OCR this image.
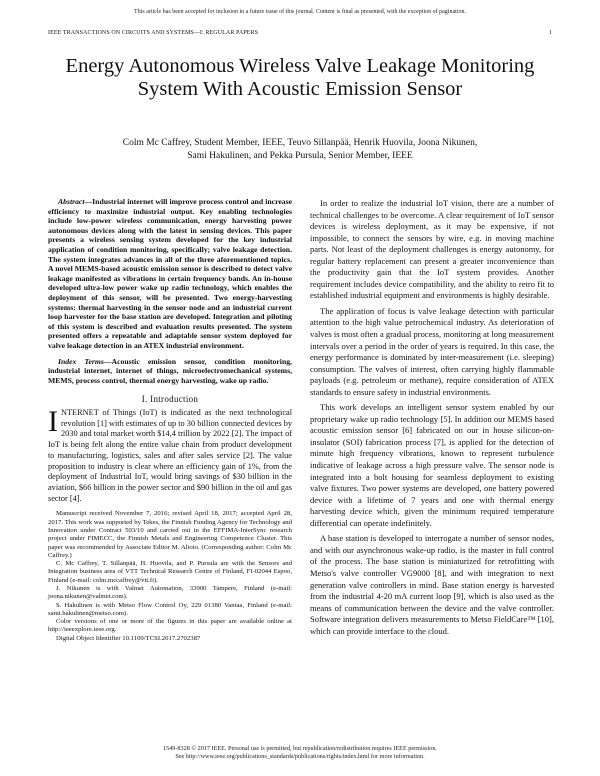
This article has been accepted for inclusion in a future issue of this journal. Content is final as presented, with the exception of pagination.
IEEE TRANSACTIONS ON CIRCUITS AND SYSTEMS—I: REGULAR PAPERS	1
Energy Autonomous Wireless Valve Leakage Monitoring System With Acoustic Emission Sensor
Colm Mc Caffrey, Student Member, IEEE, Teuvo Sillanpää, Henrik Huovila, Joona Nikunen,
Sami Hakulinen, and Pekka Pursula, Senior Member, IEEE

Abstract—Industrial internet will improve process control and increase efficiency to maximize industrial output. Key enabling technologies include low-power wireless communication, energy harvesting power autonomous devices along with the latest in sensing devices. This paper presents a wireless sensing system developed for the key industrial application of condition monitoring, specifically; valve leakage detection. The system integrates advances in all of the three aforementioned topics. A novel MEMS-based acoustic emission sensor is described to detect valve leakage manifested as vibrations in certain frequency bands. An in-house developed ultra-low power wake up radio technology, which enables the deployment of this sensor, will be presented. Two energy-harvesting systems: thermal harvesting in the sensor node and an industrial current loop harvester for the base station are developed. Integration and piloting of this system is described and evaluation results presented. The system presented offers a repeatable and adaptable sensor system deployed for valve leakage detection in an ATEX industrial environment.

Index Terms—Acoustic emission sensor, condition monitoring, industrial internet, internet of things, microelectromechanical systems, MEMS, process control, thermal energy harvesting, wake up radio.

I. Introduction

INTERNET of Things (IoT) is indicated as the next technological revolution [1] with estimates of up to 30 billion connected devices by 2030 and total market worth $14,4 trillion by 2022 [2]. The impact of IoT is being felt along the entire value chain from product development to manufacturing, logistics, sales and after sales service [2]. The value proposition to industry is clear where an efficiency gain of 1%, from the deployment of Industrial IoT, would bring savings of $30 billion in the aviation, $66 billion in the power sector and $90 billion in the oil and gas sector [4].

Manuscript received November 7, 2016; revised April 18, 2017; accepted April 28, 2017. This work was supported by Tekes, the Finnish Funding Agency for Technology and Innovation under Contract 503/10 and carried out in the EFFIMA-InterSync research project under FIMECC, the Finnish Metals and Engineering Competence Cluster. This paper was recommended by Associate Editor M. Alioto. (Corresponding author: Colm Mc Caffrey.)

C. Mc Caffrey, T. Sillanpää, H. Huovila, and P. Pursula are with the Sensors and Integration business area of VTT Technical Research Centre of Finland, FI-02044 Espoo, Finland (e-mail: colm.mccaffrey@vtt.fi).

J. Nikunen is with Valmet Automation, 33900 Tampere, Finland (e-mail: joona.nikunen@valmet.com).

S. Hakulinen is with Metso Flow Control Oy, 229 01380 Vantaa, Finland (e-mail: sami.hakulinen@metso.com).

Color versions of one or more of the figures in this paper are available online at http://ieeexplore.ieee.org.

Digital Object Identifier 10.1109/TCSI.2017.2702387

In order to realize the industrial IoT vision, there are a number of technical challenges to be overcome. A clear requirement of IoT sensor devices is wireless deployment, as it may be expensive, if not impossible, to connect the sensors by wire, e.g. in moving machine parts. Not least of the deployment challenges is energy autonomy, for regular battery replacement can present a greater inconvenience than the productivity gain that the IoT system provides. Another requirement includes device compatibility, and the ability to retro fit to established industrial equipment and environments is highly desirable.

The application of focus is valve leakage detection with particular attention to the high value petrochemical industry. As deterioration of valves is most often a gradual process, monitoring at long measurement intervals over a period in the order of years is required. In this case, the energy performance is dominated by inter-measurement (i.e. sleeping) consumption. The valves of interest, often carrying highly flammable payloads (e.g. petroleum or methane), require consideration of ATEX standards to ensure safety in industrial environments.

This work develops an intelligent sensor system enabled by our proprietary wake up radio technology [5]. In addition our MEMS based acoustic emission sensor [6] fabricated on our in house silicon-on-insulator (SOI) fabrication process [7], is applied for the detection of minute high frequency vibrations, known to represent turbulence indicative of leakage across a high pressure valve. The sensor node is integrated into a bolt housing for seamless deployment to existing valve fixtures. Two power systems are developed, one battery powered device with a lifetime of 7 years and one with thermal energy harvesting device which, given the minimum required temperature differential can operate indefinitely.

A base station is developed to interrogate a number of sensor nodes, and with our asynchronous wake-up radio, is the master in full control of the process. The base station is miniaturized for retrofitting with Metso's valve controller VG9000 [8], and with integration to next generation valve controllers in mind. Base station energy is harvested from the industrial 4-20 mA current loop [9], which is also used as the means of communication between the device and the valve controller. Software integration delivers measurements to Metso FieldCare™ [10], which can provide interface to the cloud.

1549-8328 © 2017 IEEE. Personal use is permitted, but republication/redistribution requires IEEE permission.
See http://www.ieee.org/publications_standards/publications/rights/index.html for more information.
